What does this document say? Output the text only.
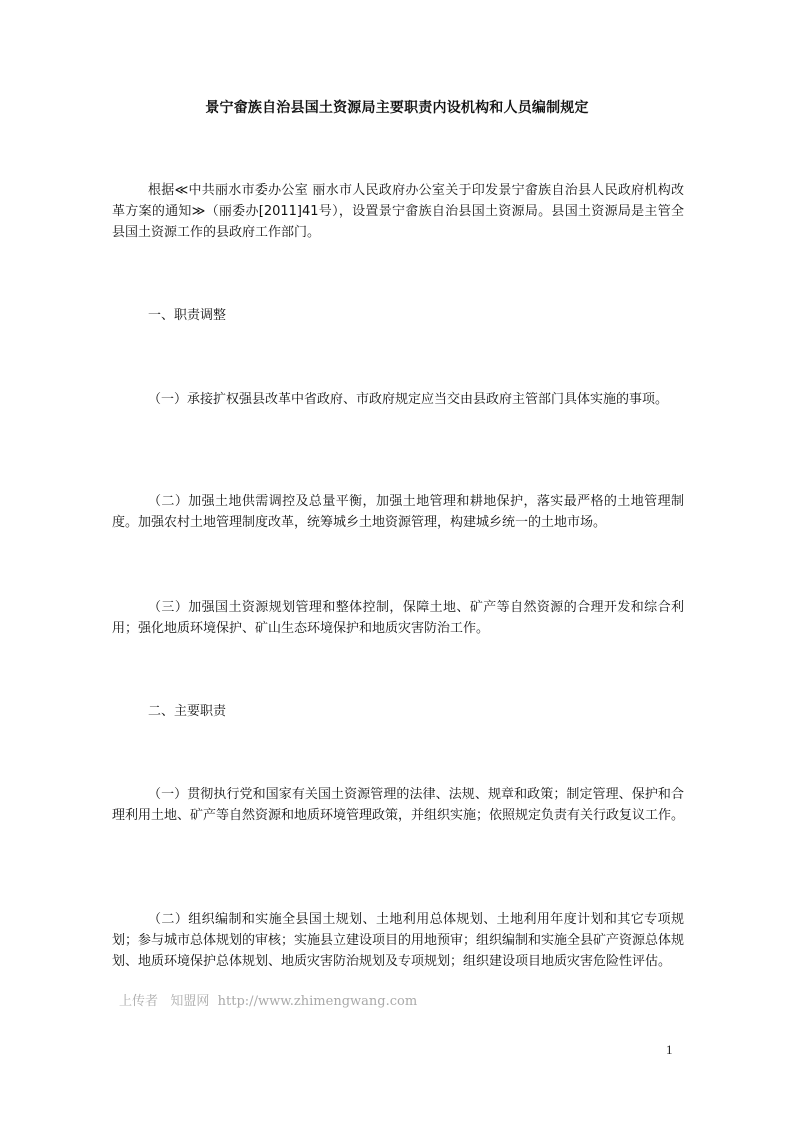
景宁畲族自治县国土资源局主要职责内设机构和人员编制规定

根据≪中共丽水市委办公室 丽水市人民政府办公室关于印发景宁畲族自治县人民政府机构改革方案的通知≫（丽委办[2011]41号），设置景宁畲族自治县国土资源局。县国土资源局是主管全县国土资源工作的县政府工作部门。

一、职责调整

（一）承接扩权强县改革中省政府、市政府规定应当交由县政府主管部门具体实施的事项。

（二）加强土地供需调控及总量平衡，加强土地管理和耕地保护，落实最严格的土地管理制度。加强农村土地管理制度改革，统筹城乡土地资源管理，构建城乡统一的土地市场。

（三）加强国土资源规划管理和整体控制，保障土地、矿产等自然资源的合理开发和综合利用；强化地质环境保护、矿山生态环境保护和地质灾害防治工作。

二、主要职责

（一）贯彻执行党和国家有关国土资源管理的法律、法规、规章和政策；制定管理、保护和合理利用土地、矿产等自然资源和地质环境管理政策，并组织实施；依照规定负责有关行政复议工作。

（二）组织编制和实施全县国土规划、土地利用总体规划、土地利用年度计划和其它专项规划；参与城市总体规划的审核；实施县立建设项目的用地预审；组织编制和实施全县矿产资源总体规划、地质环境保护总体规划、地质灾害防治规划及专项规划；组织建设项目地质灾害危险性评估。

上传者   知盟网  http://www.zhimengwang.com
1
